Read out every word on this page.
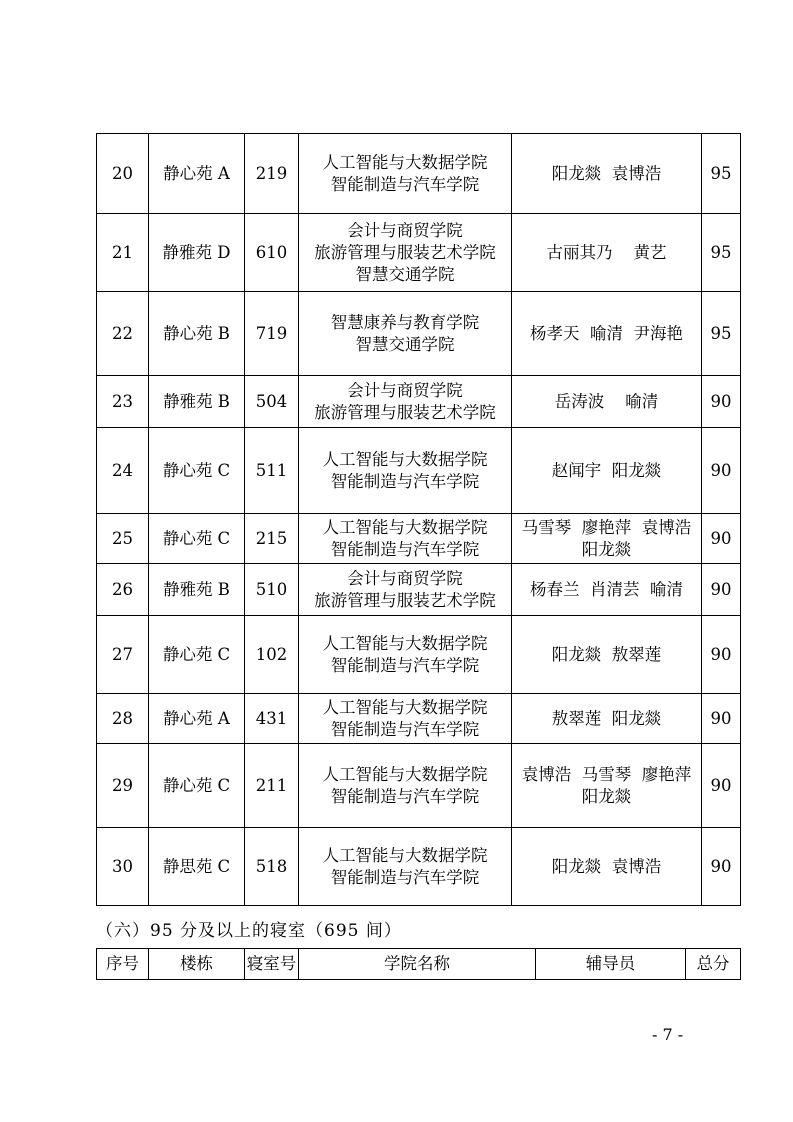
20	静心苑 A	219	人工智能与大数据学院
智能制造与汽车学院	阳龙燚  袁博浩	95
21	静雅苑 D	610	会计与商贸学院
旅游管理与服装艺术学院
智慧交通学院	古丽其乃    黄艺	95
22	静心苑 B	719	智慧康养与教育学院
智慧交通学院	杨孝天  喻清  尹海艳	95
23	静雅苑 B	504	会计与商贸学院
旅游管理与服装艺术学院	岳涛波    喻清	90
24	静心苑 C	511	人工智能与大数据学院
智能制造与汽车学院	赵闻宇  阳龙燚	90
25	静心苑 C	215	人工智能与大数据学院
智能制造与汽车学院	马雪琴  廖艳萍  袁博浩
阳龙燚	90
26	静雅苑 B	510	会计与商贸学院
旅游管理与服装艺术学院	杨春兰  肖清芸  喻清	90
27	静心苑 C	102	人工智能与大数据学院
智能制造与汽车学院	阳龙燚  敖翠莲	90
28	静心苑 A	431	人工智能与大数据学院
智能制造与汽车学院	敖翠莲  阳龙燚	90
29	静心苑 C	211	人工智能与大数据学院
智能制造与汽车学院	袁博浩  马雪琴  廖艳萍
阳龙燚	90
30	静思苑 C	518	人工智能与大数据学院
智能制造与汽车学院	阳龙燚  袁博浩	90
（六）95 分及以上的寝室（695 间）
序号	楼栋	寝室号	学院名称	辅导员	总分
- 7 -
